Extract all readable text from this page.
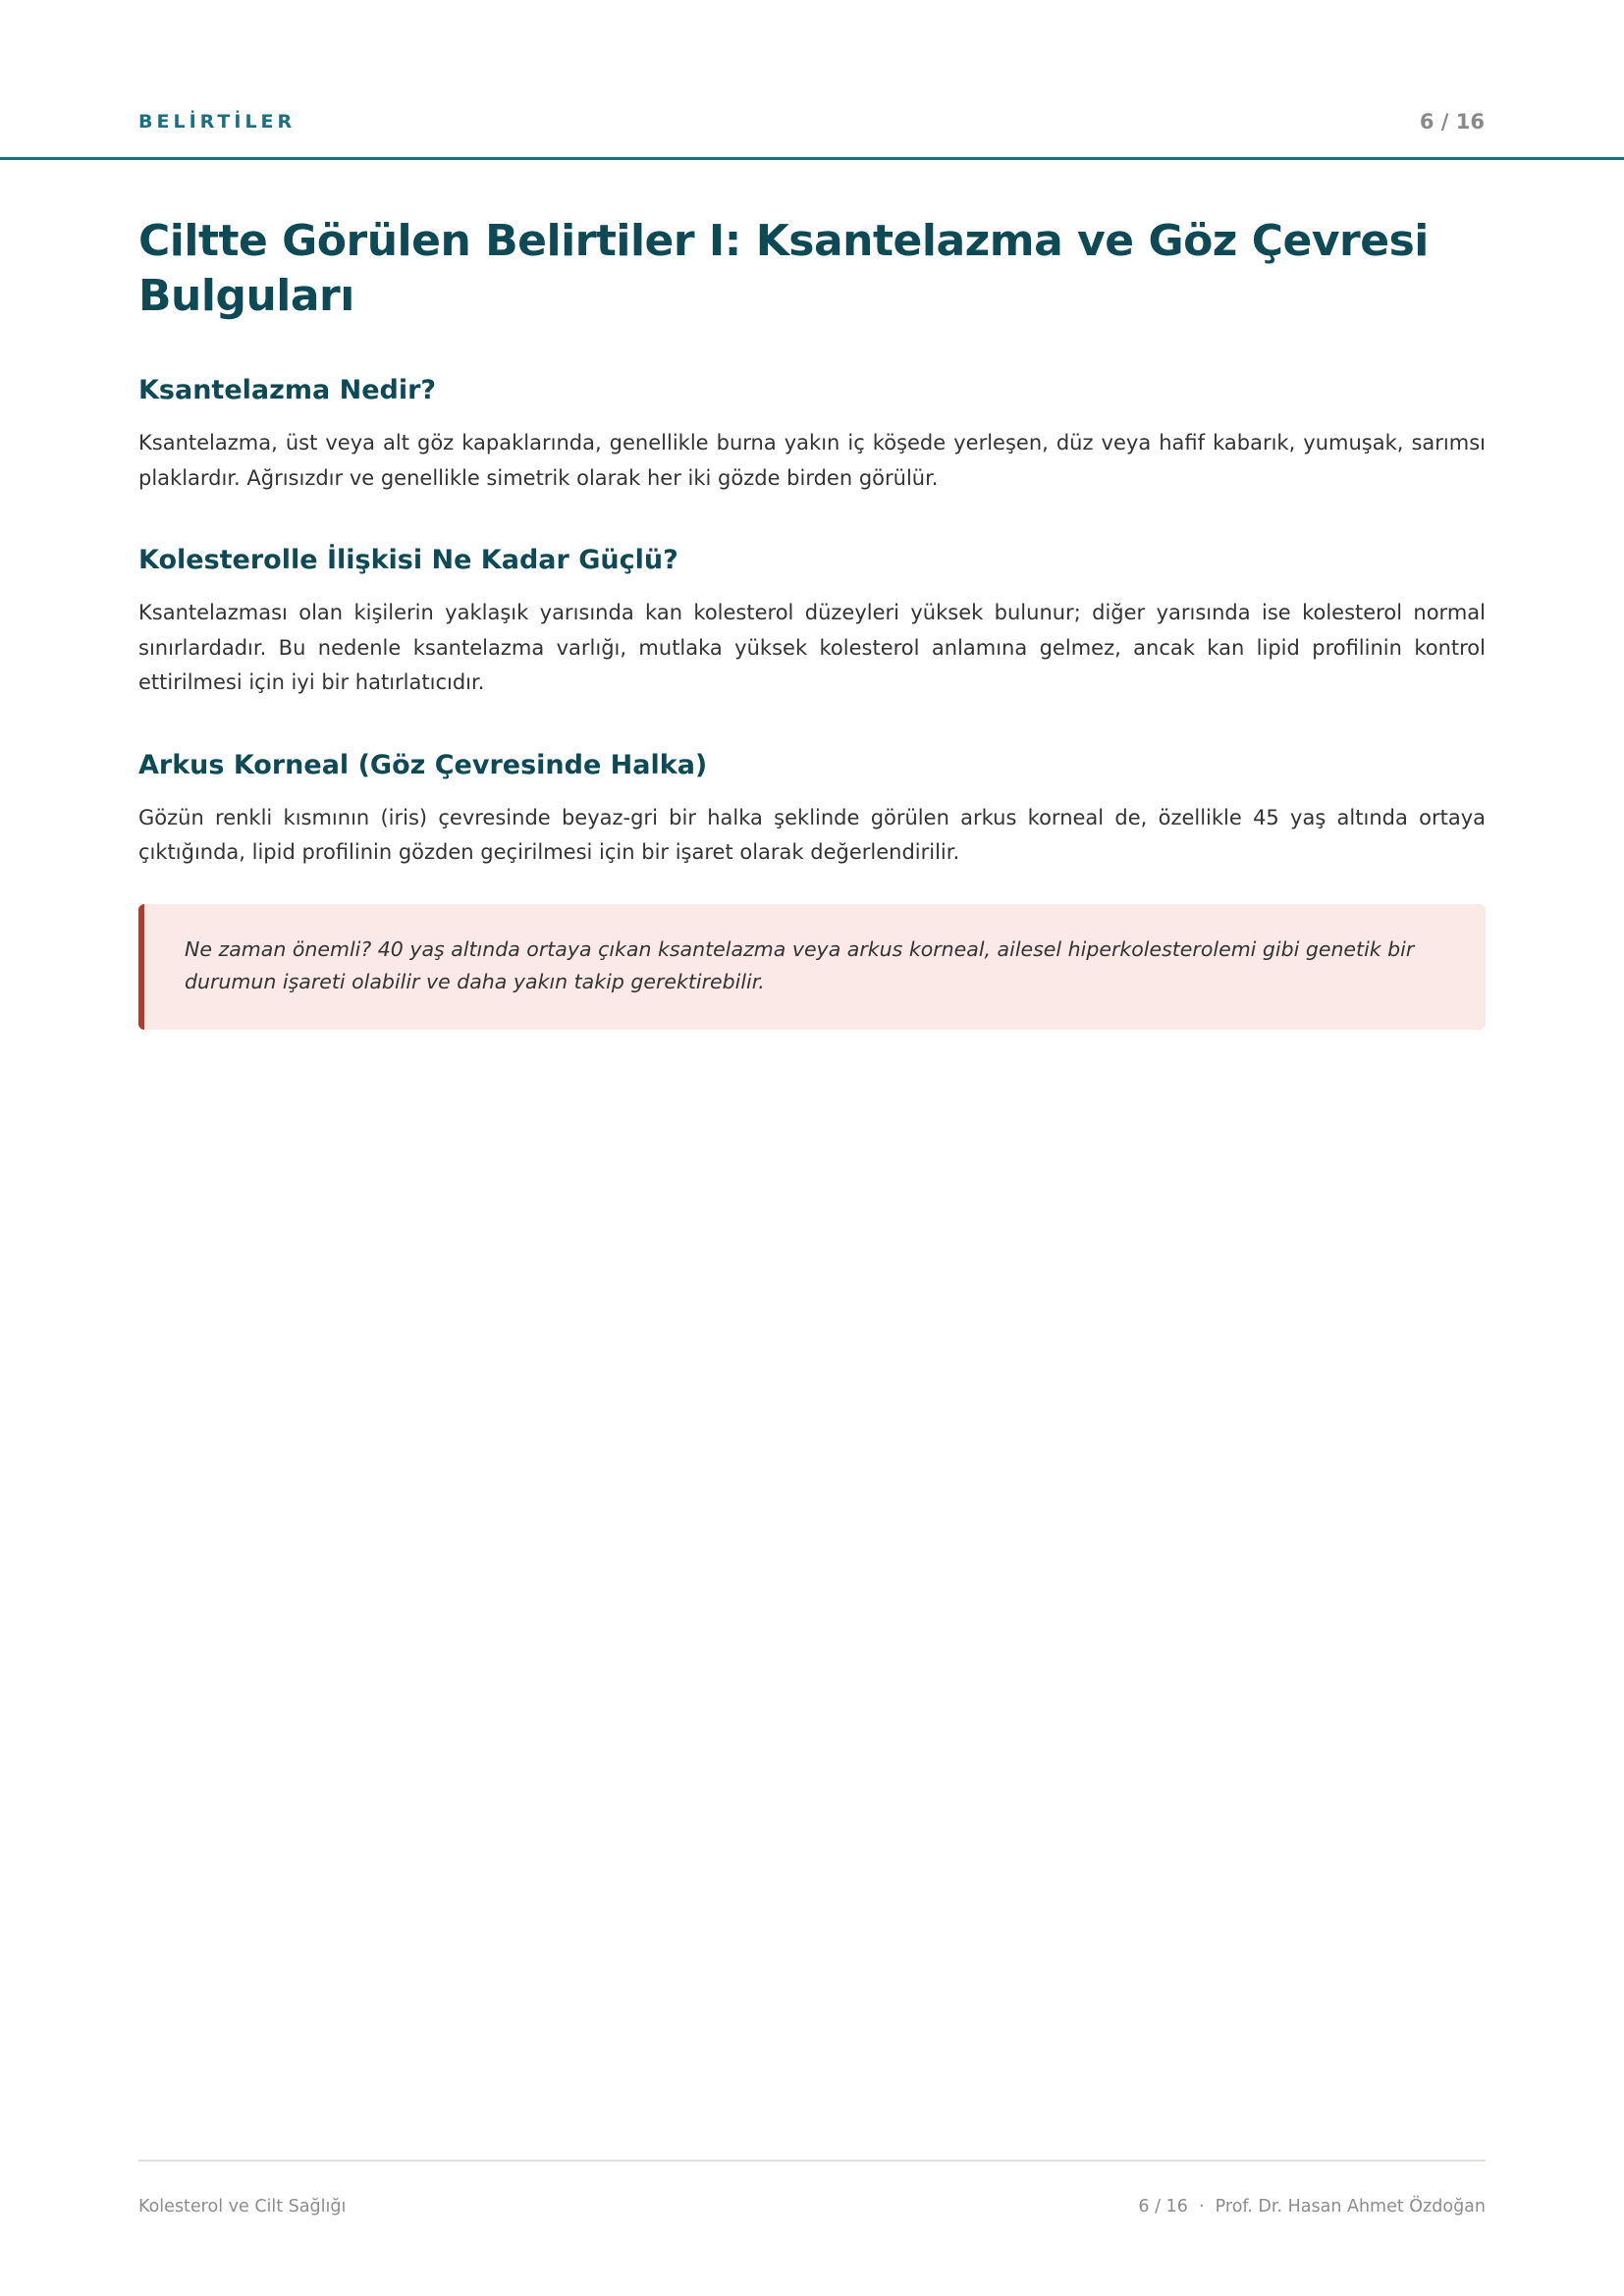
BELİRTİLER	6 / 16
Ciltte Görülen Belirtiler I: Ksantelazma ve Göz Çevresi Bulguları
Ksantelazma Nedir?

Ksantelazma, üst veya alt göz kapaklarında, genellikle burna yakın iç köşede yerleşen, düz veya hafif kabarık, yumuşak, sarımsı plaklardır. Ağrısızdır ve genellikle simetrik olarak her iki gözde birden görülür.

Kolesterolle İlişkisi Ne Kadar Güçlü?

Ksantelazması olan kişilerin yaklaşık yarısında kan kolesterol düzeyleri yüksek bulunur; diğer yarısında ise kolesterol normal sınırlardadır. Bu nedenle ksantelazma varlığı, mutlaka yüksek kolesterol anlamına gelmez, ancak kan lipid profilinin kontrol ettirilmesi için iyi bir hatırlatıcıdır.

Arkus Korneal (Göz Çevresinde Halka)

Gözün renkli kısmının (iris) çevresinde beyaz-gri bir halka şeklinde görülen arkus korneal de, özellikle 45 yaş altında ortaya çıktığında, lipid profilinin gözden geçirilmesi için bir işaret olarak değerlendirilir.

Ne zaman önemli? 40 yaş altında ortaya çıkan ksantelazma veya arkus korneal, ailesel hiperkolesterolemi gibi genetik bir durumun işareti olabilir ve daha yakın takip gerektirebilir.

Kolesterol ve Cilt Sağlığı	6 / 16  ·  Prof. Dr. Hasan Ahmet Özdoğan
